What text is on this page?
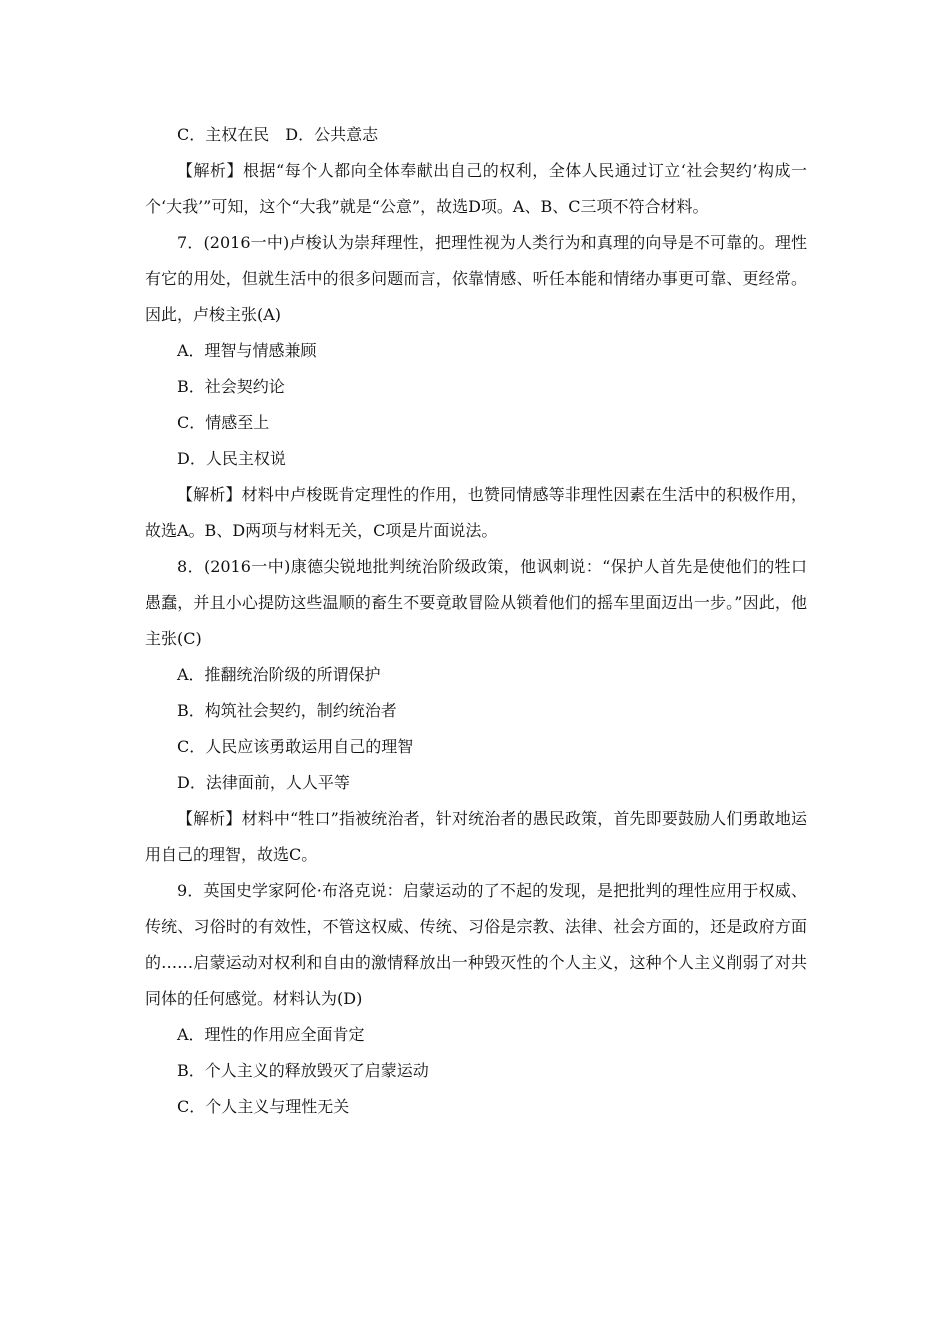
C．主权在民　D．公共意志

【解析】根据“每个人都向全体奉献出自己的权利，全体人民通过订立‘社会契约’构成一个‘大我’”可知，这个“大我”就是“公意”，故选D项。A、B、C三项不符合材料。

7．(2016一中)卢梭认为崇拜理性，把理性视为人类行为和真理的向导是不可靠的。理性有它的用处，但就生活中的很多问题而言，依靠情感、听任本能和情绪办事更可靠、更经常。因此，卢梭主张(A)

A．理智与情感兼顾

B．社会契约论

C．情感至上

D．人民主权说

【解析】材料中卢梭既肯定理性的作用，也赞同情感等非理性因素在生活中的积极作用，故选A。B、D两项与材料无关，C项是片面说法。

8．(2016一中)康德尖锐地批判统治阶级政策，他讽刺说：“保护人首先是使他们的牲口愚蠢，并且小心提防这些温顺的畜生不要竟敢冒险从锁着他们的摇车里面迈出一步。”因此，他主张(C)

A．推翻统治阶级的所谓保护

B．构筑社会契约，制约统治者

C．人民应该勇敢运用自己的理智

D．法律面前，人人平等

【解析】材料中“牲口”指被统治者，针对统治者的愚民政策，首先即要鼓励人们勇敢地运用自己的理智，故选C。

9．英国史学家阿伦·布洛克说：启蒙运动的了不起的发现，是把批判的理性应用于权威、传统、习俗时的有效性，不管这权威、传统、习俗是宗教、法律、社会方面的，还是政府方面的……启蒙运动对权利和自由的激情释放出一种毁灭性的个人主义，这种个人主义削弱了对共同体的任何感觉。材料认为(D)

A．理性的作用应全面肯定

B．个人主义的释放毁灭了启蒙运动

C．个人主义与理性无关
